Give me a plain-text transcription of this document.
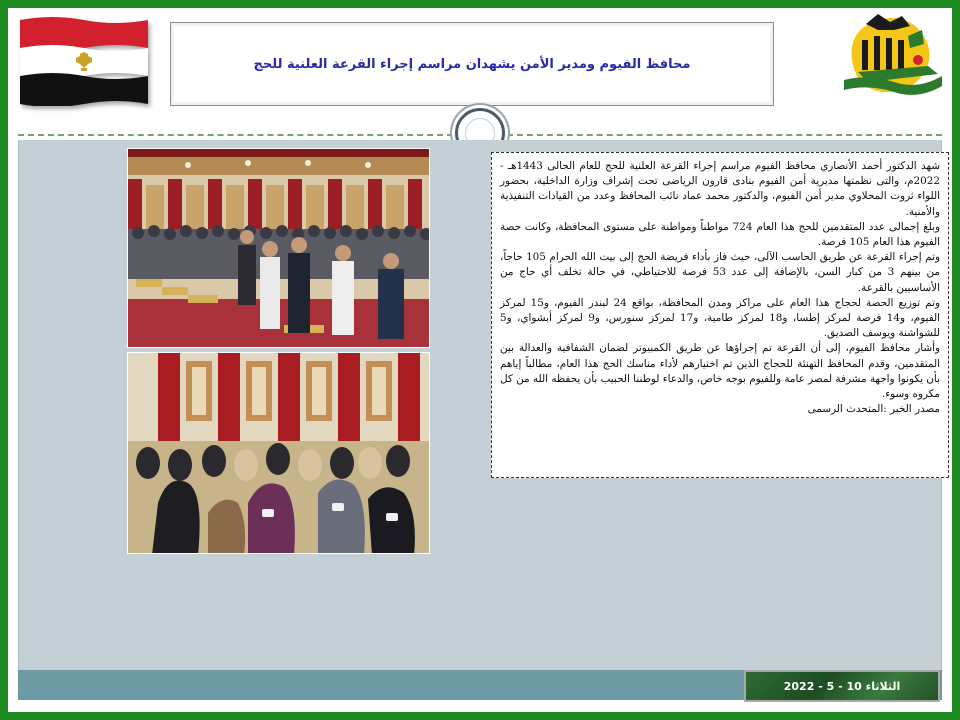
محافظ الفيوم ومدير الأمن يشهدان مراسم إجراء القرعة العلنية للحج

شهد الدكتور أحمد الأنصاري محافظ الفيوم مراسم إجراء القرعة العلنية للحج للعام الحالى 1443هـ - 2022م، والتى نظمتها مديرية أمن الفيوم بنادى قارون الرياضى تحت إشراف وزارة الداخلية، بحضور اللواء ثروت المحلاوي مدير أمن الفيوم، والدكتور محمد عماد نائب المحافظ وعدد من القيادات التنفيذية والأمنية.

وبلغ إجمالى عدد المتقدمين للحج هذا العام 724 مواطناً ومواطنة على مستوى المحافظة، وكانت حصة الفيوم هذا العام 105 فرصة.

وتم إجراء القرعة عن طريق الحاسب الآلى، حيث فاز بأداء فريضة الحج إلى بيت الله الحرام 105 حاجاً، من بينهم 3 من كبار السن، بالإضافة إلى عدد 53 فرصة للاحتياطي، في حالة تخلف أي حاج من الأساسيين بالقرعة.

وتم توزيع الحصة لحجاج هذا العام على مراكز ومدن المحافظة، بواقع 24 لبندر الفيوم، و15 لمركز الفيوم، و14 فرصة لمركز إطسا، و18 لمركز طامية، و17 لمركز سنورس، و9 لمركز أبشواي، و5 للشواشنة ويوسف الصديق.

وأشار محافظ الفيوم، إلى أن القرعة تم إجراؤها عن طريق الكمبيوتر لضمان الشفافية والعدالة بين المتقدمين، وقدم المحافظ التهنئة للحجاج الذين تم اختيارهم لأداء مناسك الحج هذا العام، مطالباً إياهم بأن يكونوا واجهة مشرفة لمصر عامة وللفيوم بوجه خاص، والدعاء لوطننا الحبيب بأن يحفظه الله من كل مكروه وسوء.

مصدر الخبر :المتحدث الرسمى

الثلاثاء 10 - 5 - 2022
